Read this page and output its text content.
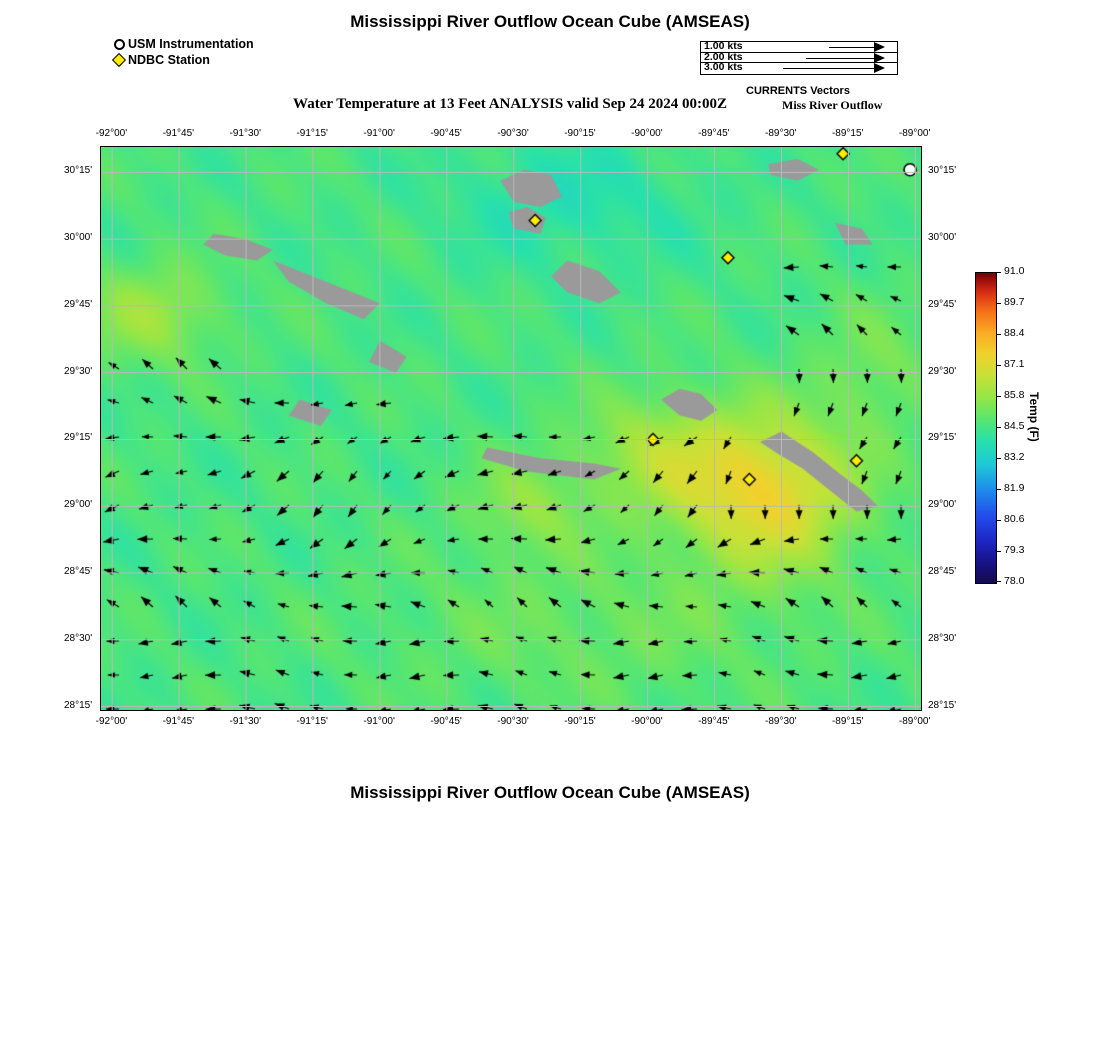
Mississippi River Outflow Ocean Cube (AMSEAS)
Water Temperature at 13 Feet ANALYSIS valid Sep 24 2024 00:00Z	Miss River Outflow
Mississippi River Outflow Ocean Cube (AMSEAS)
USM Instrumentation
NDBC Station
1.00 kts
2.00 kts
3.00 kts
CURRENTS Vectors
-92°00'	-91°45'	-91°30'	-91°15'	-91°00'	-90°45'	-90°30'	-90°15'	-90°00'	-89°45'	-89°30'	-89°15'	-89°00'
-92°00'	-91°45'	-91°30'	-91°15'	-91°00'	-90°45'	-90°30'	-90°15'	-90°00'	-89°45'	-89°30'	-89°15'	-89°00'
30°15'
30°00'
29°45'
29°30'
29°15'
29°00'
28°45'
28°30'
28°15'
30°15'
30°00'
29°45'
29°30'
29°15'
29°00'
28°45'
28°30'
28°15'
Temp (F)
91.0
89.7
88.4
87.1
85.8
84.5
83.2
81.9
80.6
79.3
78.0
